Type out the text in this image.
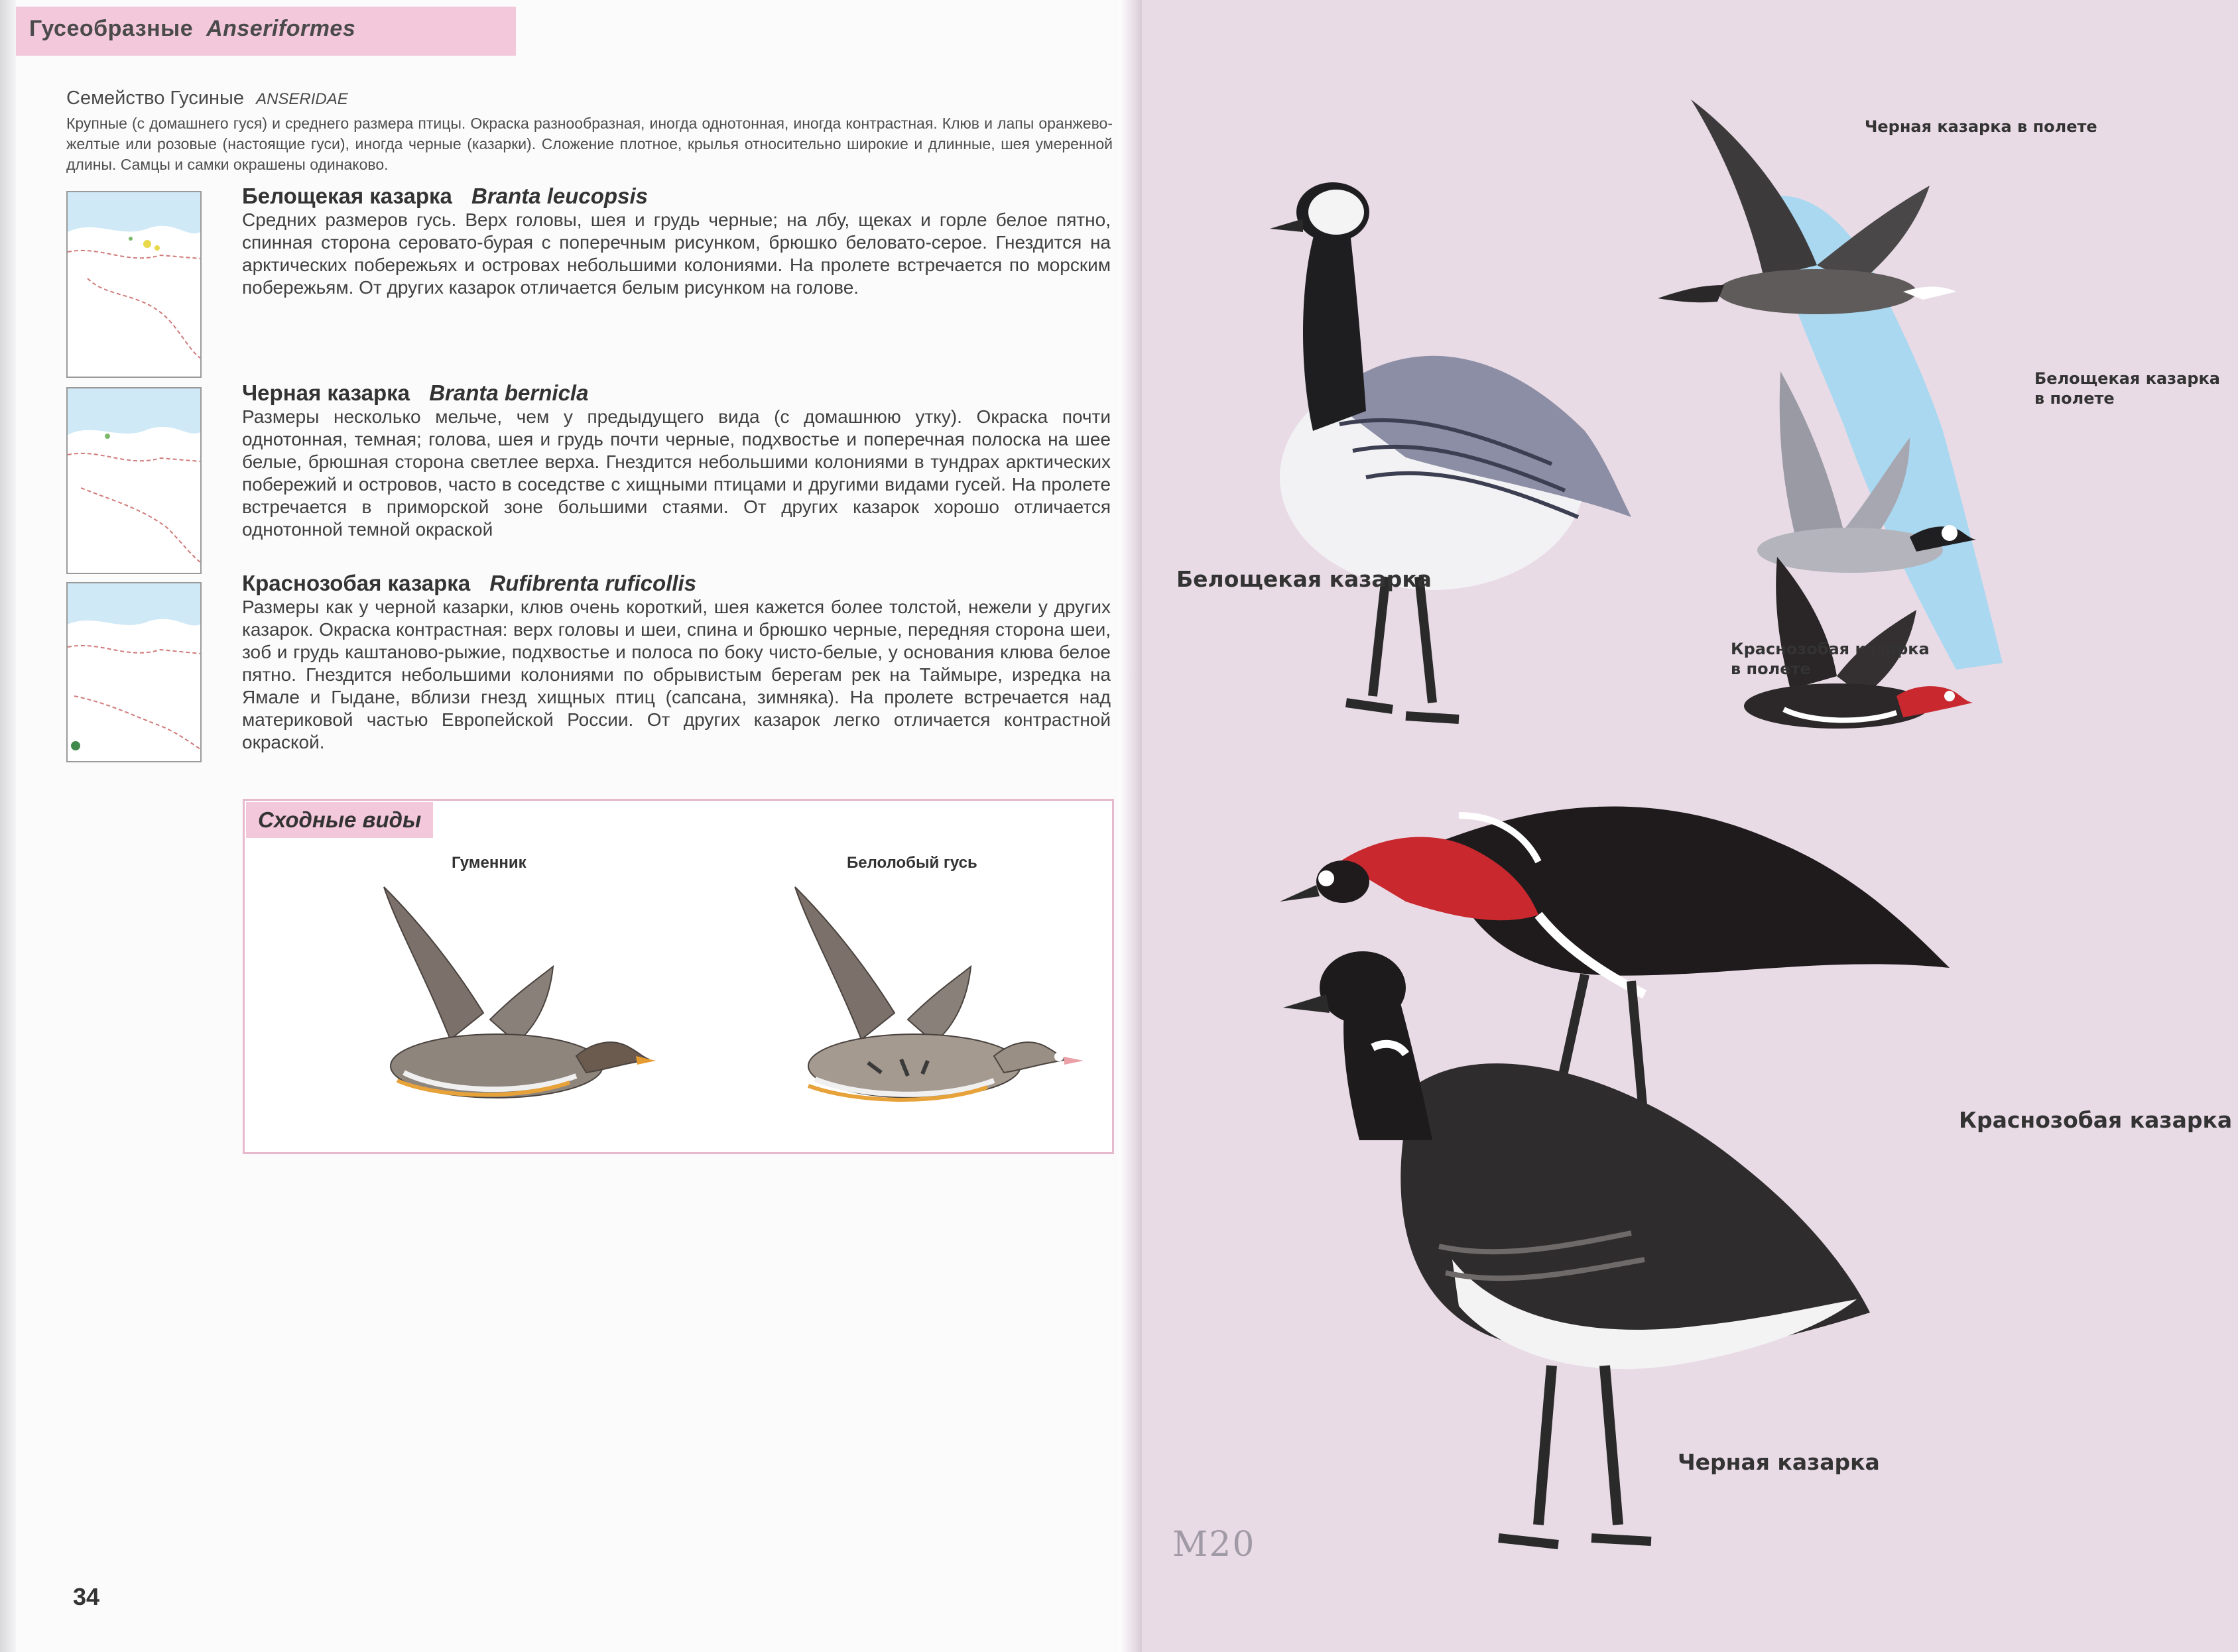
Гусеобразные Anseriformes
Семейство Гусиные ANSERIDAE
Крупные (с домашнего гуся) и среднего размера птицы. Окраска разнообразная, иногда однотонная, иногда контрастная. Клюв и лапы оранжево-желтые или розовые (настоящие гуси), иногда черные (казарки). Сложение плотное, крылья относительно широкие и длинные, шея умеренной длины. Самцы и самки окрашены одинаково.
Белощекая казарка Branta leucopsis
Средних размеров гусь. Верх головы, шея и грудь черные; на лбу, щеках и горле белое пятно, спинная сторона серовато-бурая с поперечным рисунком, брюшко беловато-серое. Гнездится на арктических побережьях и островах небольшими колониями. На пролете встречается по морским побережьям. От других казарок отличается белым рисунком на голове.
Черная казарка Branta bernicla
Размеры несколько мельче, чем у предыдущего вида (с домашнюю утку). Окраска почти однотонная, темная; голова, шея и грудь почти черные, подхвостье и поперечная полоска на шее белые, брюшная сторона светлее верха. Гнездится небольшими колониями в тундрах арктических побережий и островов, часто в соседстве с хищными птицами и другими видами гусей. На пролете встречается в приморской зоне большими стаями. От других казарок хорошо отличается однотонной темной окраской
Краснозобая казарка Rufibrenta ruficollis
Размеры как у черной казарки, клюв очень короткий, шея кажется более толстой, нежели у других казарок. Окраска контрастная: верх головы и шеи, спина и брюшко черные, передняя сторона шеи, зоб и грудь каштаново-рыжие, подхвостье и полоса по боку чисто-белые, у основания клюва белое пятно. Гнездится небольшими колониями по обрывистым берегам рек на Таймыре, изредка на Ямале и Гыдане, вблизи гнезд хищных птиц (сапсана, зимняка). На пролете встречается над материковой частью Европейской России. От других казарок легко отличается контрастной окраской.
Сходные виды
Гуменник	Белолобый гусь
34
Черная казарка в полете
Белощекая казарка
в полете
Белощекая казарка
Краснозобая казарка
в полете
Краснозобая казарка
Черная казарка
M20
